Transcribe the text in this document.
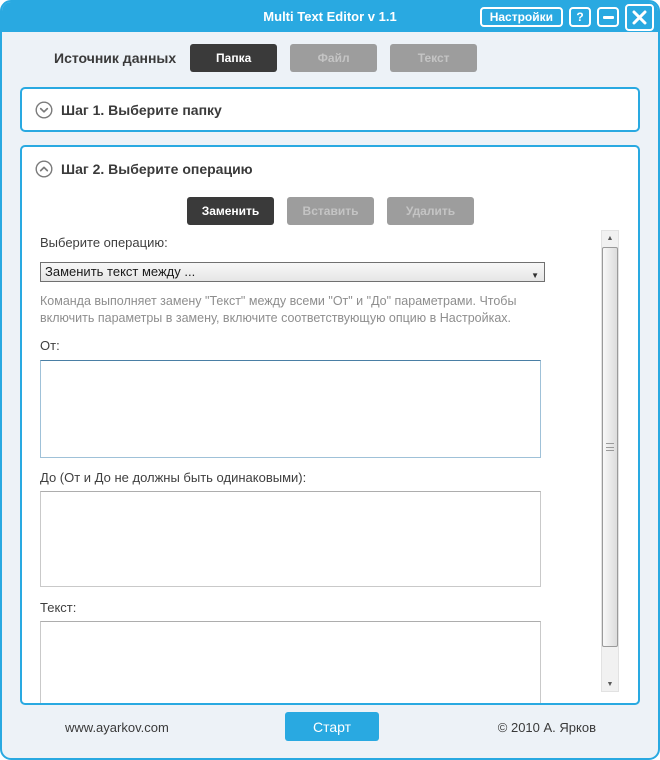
Multi Text Editor v 1.1	Настройки	?
Источник данных	Папка	Файл	Текст
Шаг 1. Выберите папку
Шаг 2. Выберите операцию
Заменить	Вставить	Удалить
Выберите операцию:
Заменить текст между ...	▼
Команда выполняет замену "Текст" между всеми "От" и "До" параметрами. Чтобы включить параметры в замену, включите соответствующую опцию в Настройках.
От:
До (От и До не должны быть одинаковыми):
Текст:
▲
▼
www.ayarkov.com	Старт	© 2010 А. Ярков
